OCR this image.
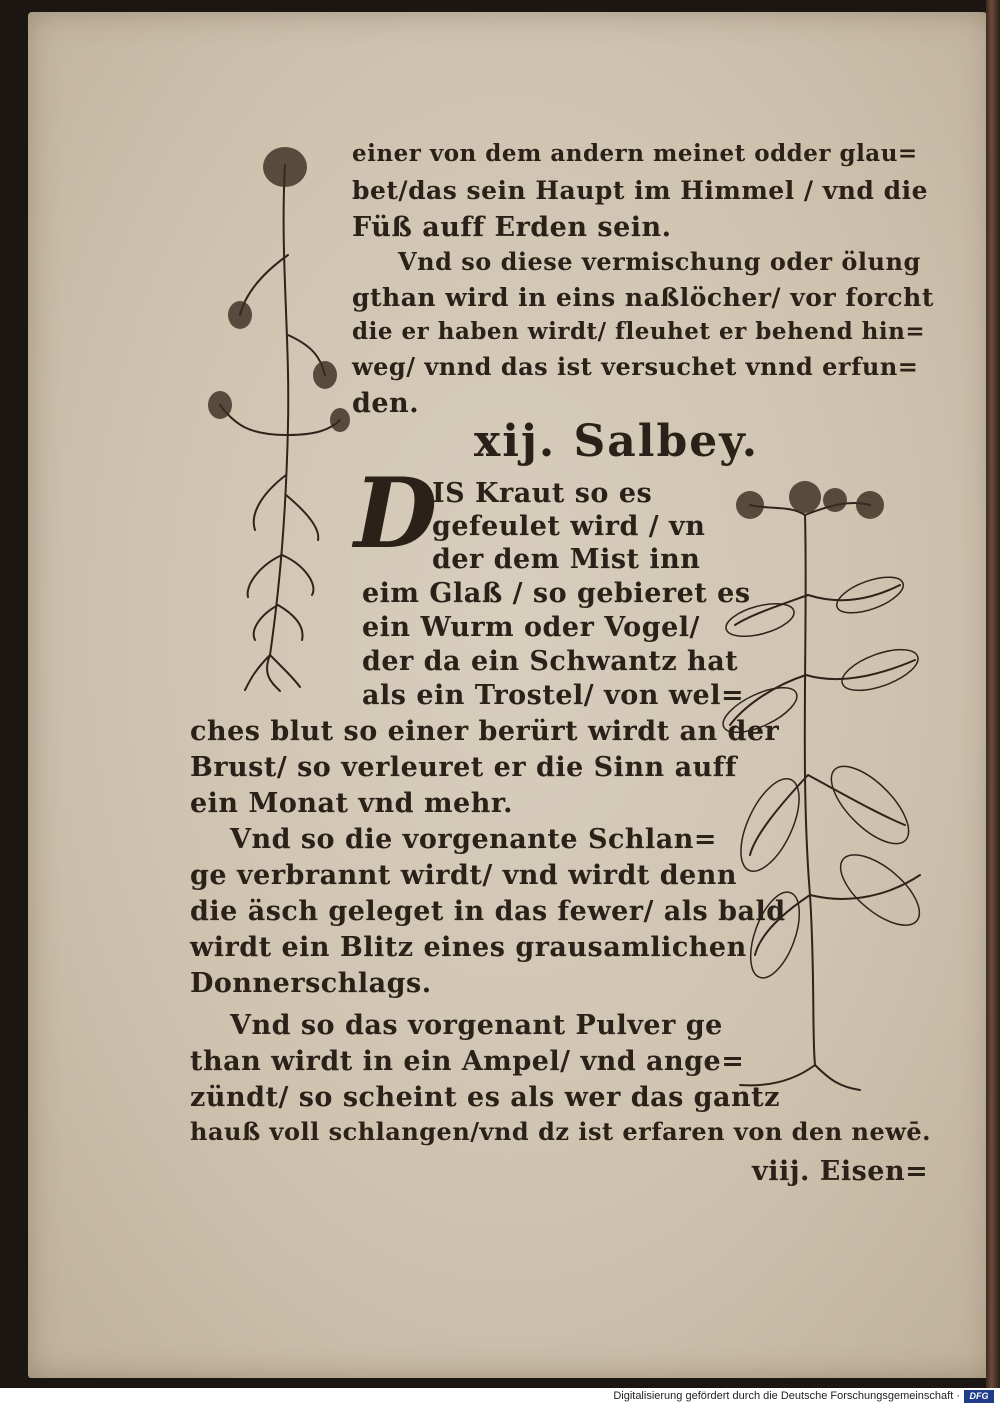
einer von dem andern meinet odder glau=
bet/das sein Haupt im Himmel / vnd die
Füß auff Erden sein.
Vnd so diese vermischung oder ölung
gthan wird in eins naßlöcher/ vor forcht
die er haben wirdt/ fleuhet er behend hin=
weg/ vnnd das ist versuchet vnnd erfun=
den.
xij. Salbey.
D
IS Kraut so es
gefeulet wird / vn
der dem Mist inn
eim Glaß / so gebieret es
ein Wurm oder Vogel/
der da ein Schwantz hat
als ein Trostel/ von wel=
ches blut so einer berürt wirdt an der
Brust/ so verleuret er die Sinn auff
ein Monat vnd mehr.
Vnd so die vorgenante Schlan=
ge verbrannt wirdt/ vnd wirdt denn
die äsch geleget in das fewer/ als bald
wirdt ein Blitz eines grausamlichen
Donnerschlags.
Vnd so das vorgenant Pulver ge
than wirdt in ein Ampel/ vnd ange=
zündt/ so scheint es als wer das gantz
hauß voll schlangen/vnd dz ist erfaren von den newē.
viij. Eisen=
Digitalisierung gefördert durch die Deutsche Forschungsgemeinschaft ·	DFG
